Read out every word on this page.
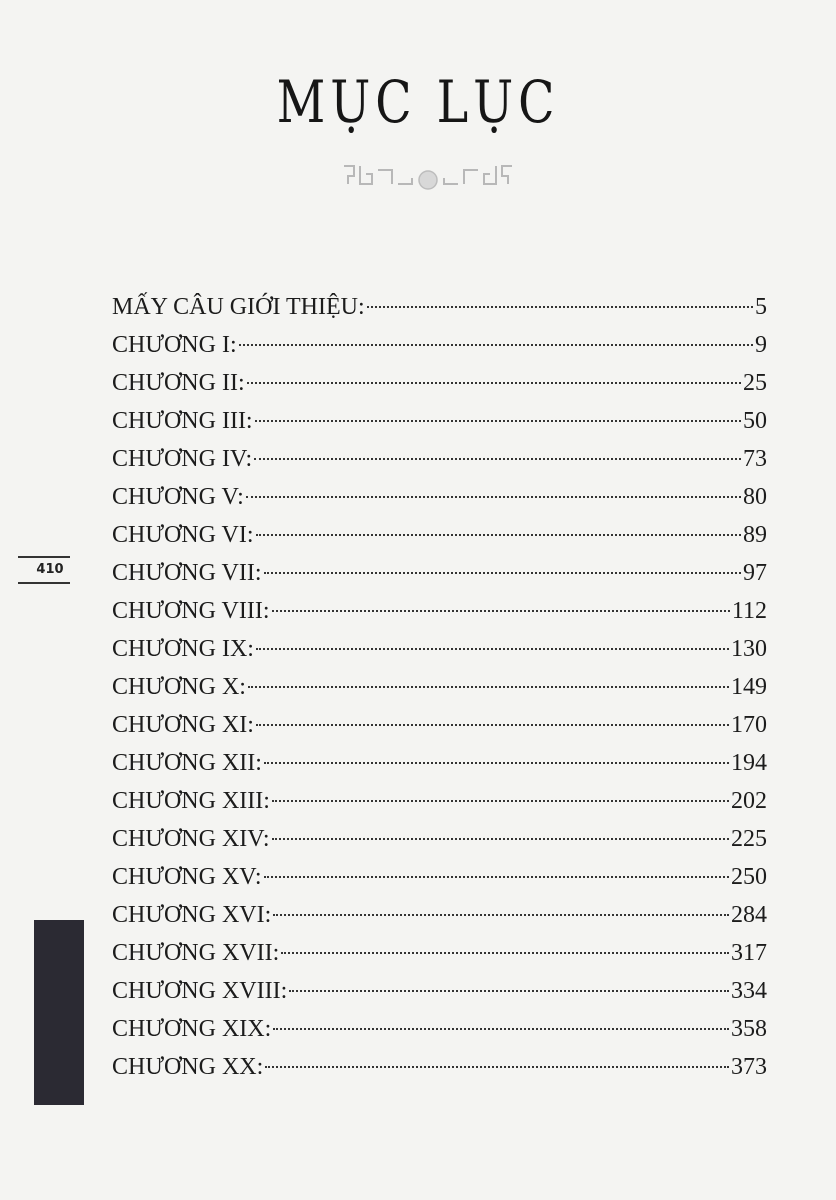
MỤC LỤC
410
MẤY CÂU GIỚI THIỆU:	5
CHƯƠNG I:	9
CHƯƠNG II:	25
CHƯƠNG III:	50
CHƯƠNG IV:	73
CHƯƠNG V:	80
CHƯƠNG VI:	89
CHƯƠNG VII:	97
CHƯƠNG VIII:	112
CHƯƠNG IX:	130
CHƯƠNG X:	149
CHƯƠNG XI:	170
CHƯƠNG XII:	194
CHƯƠNG XIII:	202
CHƯƠNG XIV:	225
CHƯƠNG XV:	250
CHƯƠNG XVI:	284
CHƯƠNG XVII:	317
CHƯƠNG XVIII:	334
CHƯƠNG XIX:	358
CHƯƠNG XX:	373
